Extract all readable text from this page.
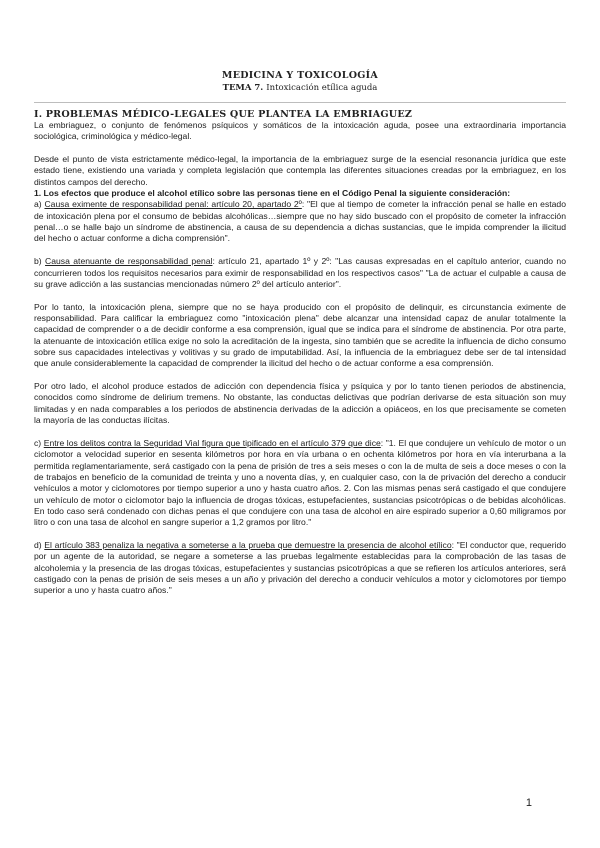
MEDICINA Y TOXICOLOGÍA
TEMA 7. Intoxicación etílica aguda
I. PROBLEMAS MÉDICO-LEGALES QUE PLANTEA LA EMBRIAGUEZ

La embriaguez, o conjunto de fenómenos psíquicos y somáticos de la intoxicación aguda, posee una extraordinaria importancia sociológica, criminológica y médico-legal.

Desde el punto de vista estrictamente médico-legal, la importancia de la embriaguez surge de la esencial resonancia jurídica que este estado tiene, existiendo una variada y completa legislación que contempla las diferentes situaciones creadas por la embriaguez, en los distintos campos del derecho.

1. Los efectos que produce el alcohol etílico sobre las personas tiene en el Código Penal la siguiente consideración:

a) Causa eximente de responsabilidad penal: artículo 20, apartado 2º: "El que al tiempo de cometer la infracción penal se halle en estado de intoxicación plena por el consumo de bebidas alcohólicas…siempre que no hay sido buscado con el propósito de cometer la infracción penal…o se halle bajo un síndrome de abstinencia, a causa de su dependencia a dichas sustancias, que le impida comprender la ilicitud del hecho o actuar conforme a dicha comprensión".

b) Causa atenuante de responsabilidad penal: artículo 21, apartado 1º y 2º: "Las causas expresadas en el capítulo anterior, cuando no concurrieren todos los requisitos necesarios para eximir de responsabilidad en los respectivos casos" "La de actuar el culpable a causa de su grave adicción a las sustancias mencionadas número 2º del artículo anterior".

Por lo tanto, la intoxicación plena, siempre que no se haya producido con el propósito de delinquir, es circunstancia eximente de responsabilidad. Para calificar la embriaguez como "intoxicación plena" debe alcanzar una intensidad capaz de anular totalmente la capacidad de comprender o a de decidir conforme a esa comprensión, igual que se indica para el síndrome de abstinencia. Por otra parte, la atenuante de intoxicación etílica exige no solo la acreditación de la ingesta, sino también que se acredite la influencia de dicho consumo sobre sus capacidades intelectivas y volitivas y su grado de imputabilidad. Así, la influencia de la embriaguez debe ser de tal intensidad que anule considerablemente la capacidad de comprender la ilicitud del hecho o de actuar conforme a esa comprensión.

Por otro lado, el alcohol produce estados de adicción con dependencia física y psíquica y por lo tanto tienen periodos de abstinencia, conocidos como síndrome de delirium tremens. No obstante, las conductas delictivas que podrían derivarse de esta situación son muy limitadas y en nada comparables a los periodos de abstinencia derivadas de la adicción a opiáceos, en los que precisamente se cometen la mayoría de las conductas ilícitas.

c) Entre los delitos contra la Seguridad Vial figura que tipificado en el artículo 379 que dice: "1. El que condujere un vehículo de motor o un ciclomotor a velocidad superior en sesenta kilómetros por hora en vía urbana o en ochenta kilómetros por hora en vía interurbana a la permitida reglamentariamente, será castigado con la pena de prisión de tres a seis meses o con la de multa de seis a doce meses o con la de trabajos en beneficio de la comunidad de treinta y uno a noventa días, y, en cualquier caso, con la de privación del derecho a conducir vehículos a motor y ciclomotores por tiempo superior a uno y hasta cuatro años. 2. Con las mismas penas será castigado el que condujere un vehículo de motor o ciclomotor bajo la influencia de drogas tóxicas, estupefacientes, sustancias psicotrópicas o de bebidas alcohólicas. En todo caso será condenado con dichas penas el que condujere con una tasa de alcohol en aire espirado superior a 0,60 miligramos por litro o con una tasa de alcohol en sangre superior a 1,2 gramos por litro."

d) El artículo 383 penaliza la negativa a someterse a la prueba que demuestre la presencia de alcohol etílico: "El conductor que, requerido por un agente de la autoridad, se negare a someterse a las pruebas legalmente establecidas para la comprobación de las tasas de alcoholemia y la presencia de las drogas tóxicas, estupefacientes y sustancias psicotrópicas a que se refieren los artículos anteriores, será castigado con la penas de prisión de seis meses a un año y privación del derecho a conducir vehículos a motor y ciclomotores por tiempo superior a uno y hasta cuatro años."

1
